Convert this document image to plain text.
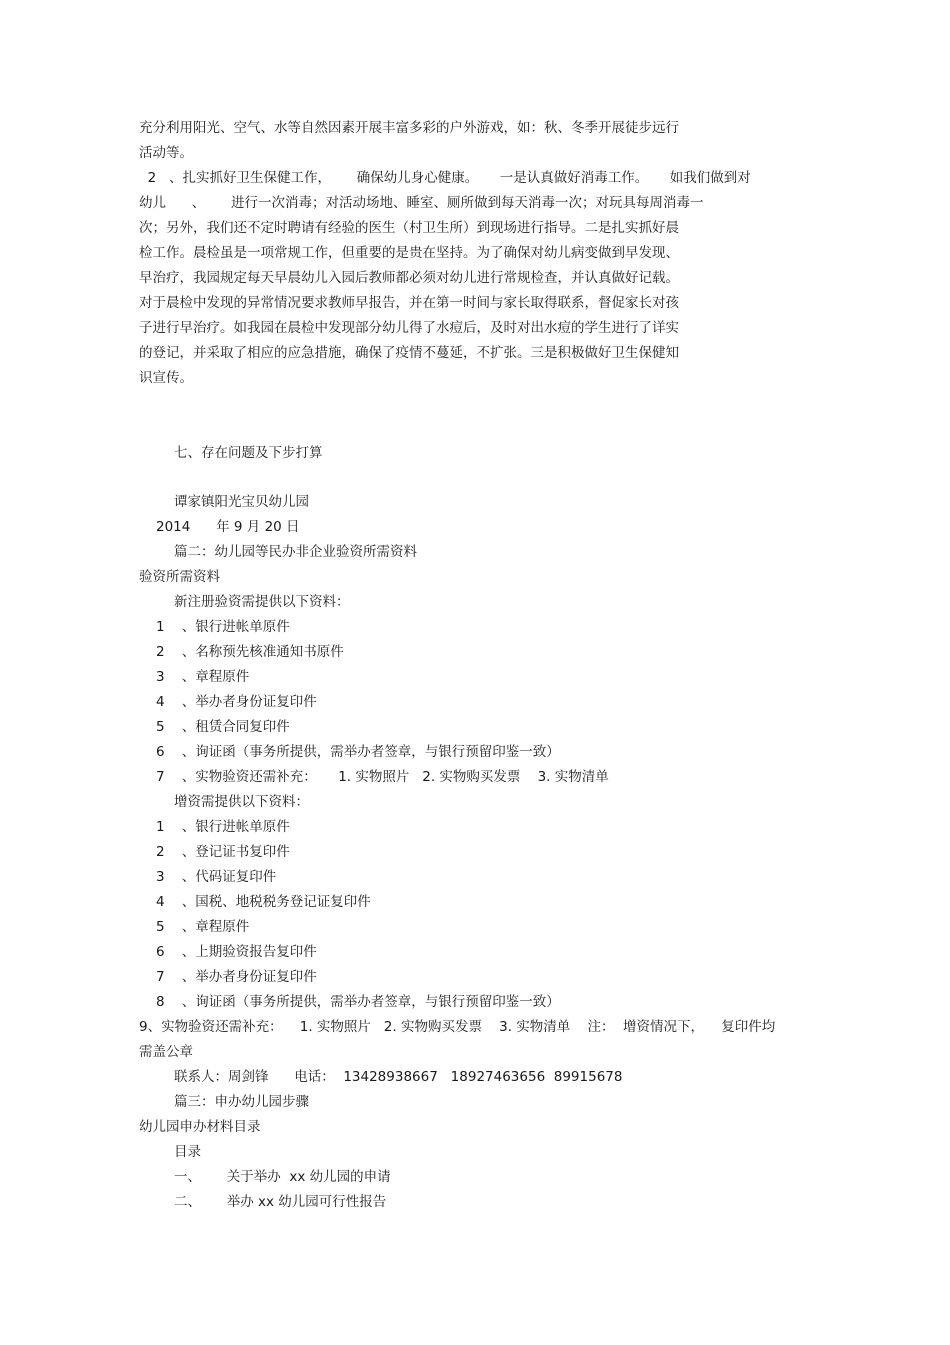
充分利用阳光、空气、水等自然因素开展丰富多彩的户外游戏，如：秋、冬季开展徒步远行
活动等。
2   、扎实抓好卫生保健工作，      确保幼儿身心健康。     一是认真做好消毒工作。     如我们做到对
幼儿      、      进行一次消毒；对活动场地、睡室、厕所做到每天消毒一次；对玩具每周消毒一
次；另外，我们还不定时聘请有经验的医生（村卫生所）到现场进行指导。二是扎实抓好晨
检工作。晨检虽是一项常规工作，但重要的是贵在坚持。为了确保对幼儿病变做到早发现、
早治疗，我园规定每天早晨幼儿入园后教师都必须对幼儿进行常规检查，并认真做好记载。
对于晨检中发现的异常情况要求教师早报告，并在第一时间与家长取得联系，督促家长对孩
子进行早治疗。如我园在晨检中发现部分幼儿得了水痘后，及时对出水痘的学生进行了详实
的登记，并采取了相应的应急措施，确保了疫情不蔓延，不扩张。三是积极做好卫生保健知
识宣传。
七、存在问题及下步打算
谭家镇阳光宝贝幼儿园
2014      年 9 月 20 日
篇二：幼儿园等民办非企业验资所需资料
验资所需资料
新注册验资需提供以下资料：
1    、银行进帐单原件
2    、名称预先核准通知书原件
3    、章程原件
4    、举办者身份证复印件
5    、租赁合同复印件
6    、询证函（事务所提供，需举办者签章，与银行预留印鉴一致）
7    、实物验资还需补充：     1. 实物照片   2. 实物购买发票    3. 实物清单
增资需提供以下资料：
1    、银行进帐单原件
2    、登记证书复印件
3    、代码证复印件
4    、国税、地税税务登记证复印件
5    、章程原件
6    、上期验资报告复印件
7    、举办者身份证复印件
8    、询证函（事务所提供，需举办者签章，与银行预留印鉴一致）
9、实物验资还需补充：    1. 实物照片   2. 实物购买发票    3. 实物清单    注：  增资情况下，    复印件均
需盖公章
联系人：周剑锋      电话：  13428938667   18927463656  89915678
篇三：申办幼儿园步骤
幼儿园申办材料目录
目录
一、      关于举办  xx 幼儿园的申请
二、      举办 xx 幼儿园可行性报告
